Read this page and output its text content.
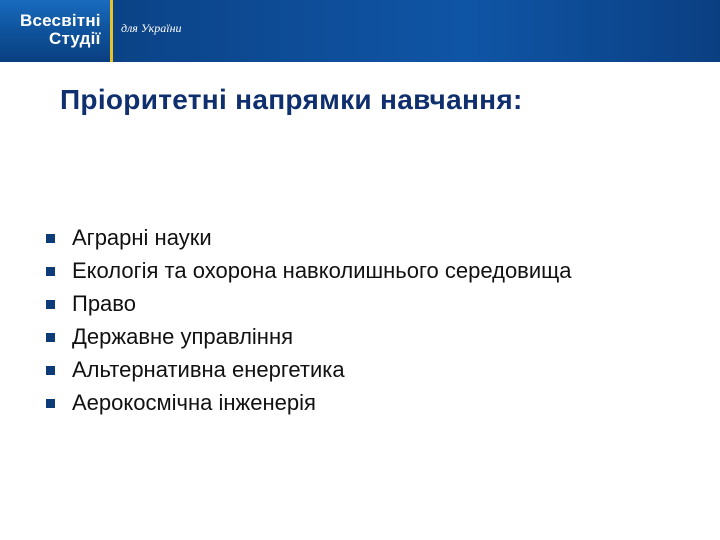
Всесвітні
Студії
для України
Пріоритетні напрямки навчання:
Аграрні науки
Екологія та охорона навколишнього середовища
Право
Державне управління
Альтернативна енергетика
Аерокосмічна інженерія
